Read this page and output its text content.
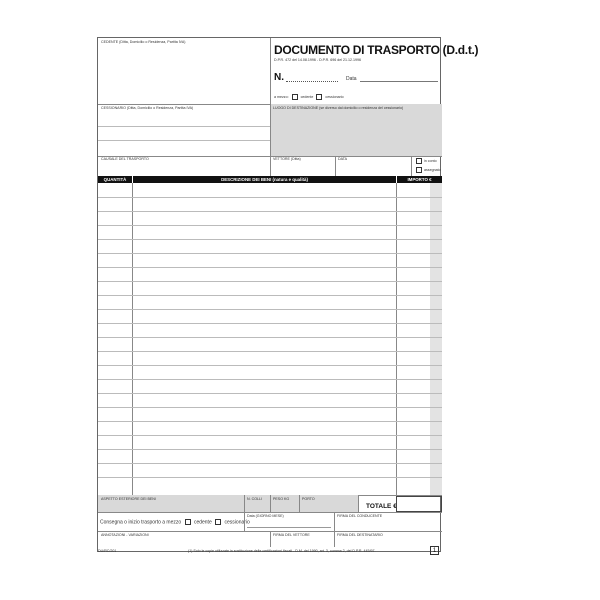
CEDENTE (Ditta, Domicilio o Residenza, Partita IVA)
DOCUMENTO DI TRASPORTO (D.d.t.)
D.P.R. 472 del 14.08.1996 - D.P.R. 696 del 21.12.1996
N.	Data
a mezzo:	cedente	cessionario
CESSIONARIO (Ditta, Domicilio o Residenza, Partita IVA)	LUOGO DI DESTINAZIONE (se diverso dal domicilio o residenza del cessionario)
CAUSALE DEL TRASPORTO	VETTORE (Ditta)	DATA	in conto
assegnato
QUANTITÀ	DESCRIZIONE DEI BENI (natura e qualità)	IMPORTO €
ASPETTO ESTERIORE DEI BENI	N. COLLI	PESO KG	PORTO
TOTALE €
Consegna o inizio trasporto a mezzo	cedente	cessionario
Data (GIORNO MESE)	FIRMA DEL CONDUCENTE
ANNOTAZIONI - VARIAZIONI	FIRMA DEL VETTORE	FIRMA DEL DESTINATARIO
DU/RC/201	(1) Solo le copie utilizzate in sostituzione delle certificazioni fiscali - D.M. del 1990, art. 3, comma 2, del D.P.R. 445/97.	1
